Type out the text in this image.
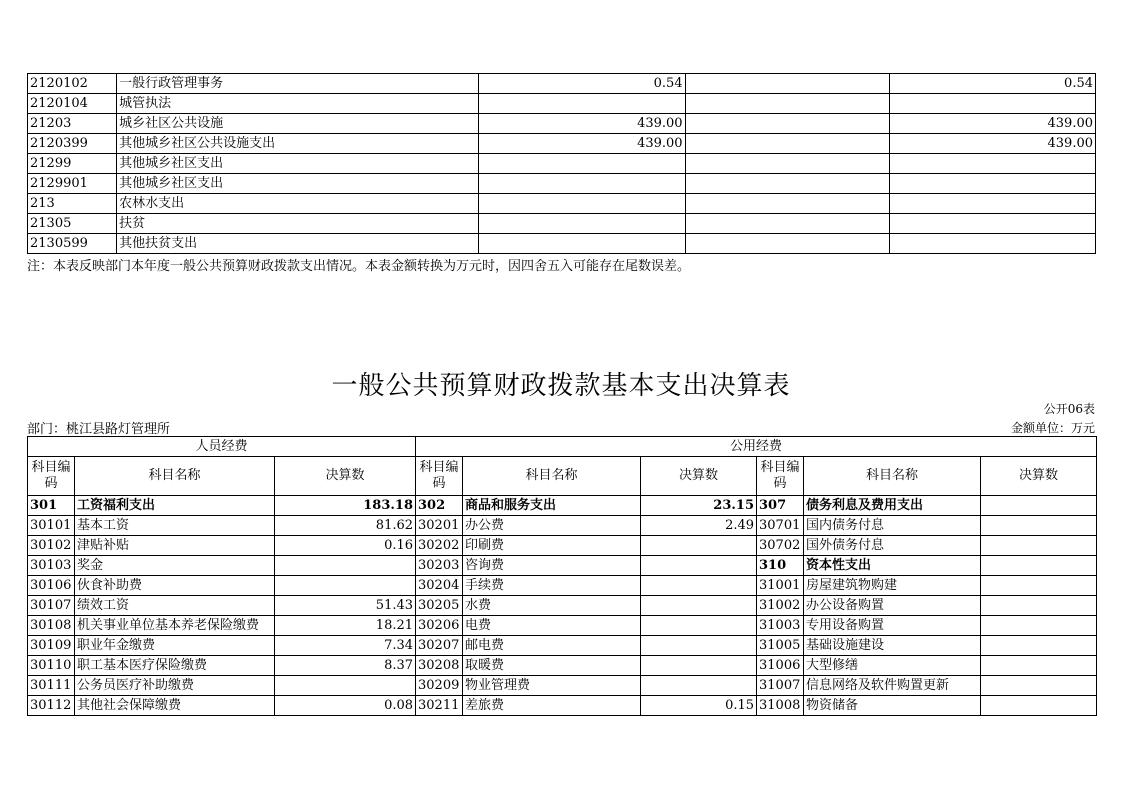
2120102	一般行政管理事务	0.54		0.54
2120104	城管执法			
21203	城乡社区公共设施	439.00		439.00
2120399	其他城乡社区公共设施支出	439.00		439.00
21299	其他城乡社区支出			
2129901	其他城乡社区支出			
213	农林水支出			
21305	扶贫			
2130599	其他扶贫支出			
注：本表反映部门本年度一般公共预算财政拨款支出情况。本表金额转换为万元时，因四舍五入可能存在尾数误差。
一般公共预算财政拨款基本支出决算表
公开06表
部门：桃江县路灯管理所	金额单位：万元
人员经费			公用经费					
科目编码	科目名称	决算数	科目编码	科目名称	决算数	科目编码	科目名称	决算数
301	工资福利支出	183.18	302	商品和服务支出	23.15	307	债务利息及费用支出	
30101	基本工资	81.62	30201	办公费	2.49	30701	国内债务付息	
30102	津贴补贴	0.16	30202	印刷费		30702	国外债务付息	
30103	奖金		30203	咨询费		310	资本性支出	
30106	伙食补助费		30204	手续费		31001	房屋建筑物购建	
30107	绩效工资	51.43	30205	水费		31002	办公设备购置	
30108	机关事业单位基本养老保险缴费	18.21	30206	电费		31003	专用设备购置	
30109	职业年金缴费	7.34	30207	邮电费		31005	基础设施建设	
30110	职工基本医疗保险缴费	8.37	30208	取暖费		31006	大型修缮	
30111	公务员医疗补助缴费		30209	物业管理费		31007	信息网络及软件购置更新	
30112	其他社会保障缴费	0.08	30211	差旅费	0.15	31008	物资储备	
